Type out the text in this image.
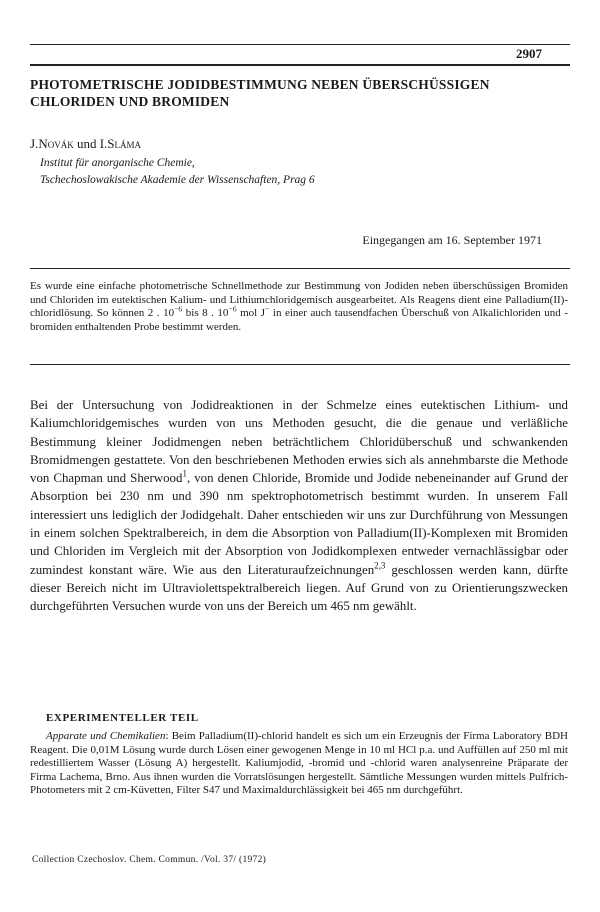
2907
PHOTOMETRISCHE JODIDBESTIMMUNG NEBEN ÜBERSCHÜSSIGEN
CHLORIDEN UND BROMIDEN
J.Novák und I.Sláma
Institut für anorganische Chemie,
Tschechoslowakische Akademie der Wissenschaften, Prag 6
Eingegangen am 16. September 1971

Es wurde eine einfache photometrische Schnellmethode zur Bestimmung von Jodiden neben überschüssigen Bromiden und Chloriden im eutektischen Kalium- und Lithiumchloridgemisch ausgearbeitet. Als Reagens dient eine Palladium(II)-chloridlösung. So können 2 . $10^{-6}$ bis 8 . $10^{-6}$ mol J− in einer auch tausendfachen Überschuß von Alkalichloriden und -bromiden enthaltenden Probe bestimmt werden.

Bei der Untersuchung von Jodidreaktionen in der Schmelze eines eutektischen Lithium- und Kaliumchloridgemisches wurden von uns Methoden gesucht, die die genaue und verläßliche Bestimmung kleiner Jodidmengen neben beträchtlichem Chloridüberschuß und schwankenden Bromidmengen gestattete. Von den beschriebenen Methoden erwies sich als annehmbarste die Methode von Chapman und Sherwood$^1$, von denen Chloride, Bromide und Jodide nebeneinander auf Grund der Absorption bei 230 nm und 390 nm spektrophotometrisch bestimmt wurden. In unserem Fall interessiert uns lediglich der Jodidgehalt. Daher entschieden wir uns zur Durchführung von Messungen in einem solchen Spektralbereich, in dem die Absorption von Palladium(II)-Komplexen mit Bromiden und Chloriden im Vergleich mit der Absorption von Jodidkomplexen entweder vernachlässigbar oder zumindest konstant wäre. Wie aus den Literaturaufzeichnungen$^{2,3}$ geschlossen werden kann, dürfte dieser Bereich nicht im Ultraviolettspektralbereich liegen. Auf Grund von zu Orientierungszwecken durchgeführten Versuchen wurde von uns der Bereich um 465 nm gewählt.

EXPERIMENTELLER TEIL

Apparate und Chemikalien: Beim Palladium(II)-chlorid handelt es sich um ein Erzeugnis der Firma Laboratory BDH Reagent. Die 0,01M Lösung wurde durch Lösen einer gewogenen Menge in 10 ml HCl p.a. und Auffüllen auf 250 ml mit redestilliertem Wasser (Lösung A) hergestellt. Kaliumjodid, -bromid und -chlorid waren analysenreine Präparate der Firma Lachema, Brno. Aus ihnen wurden die Vorratslösungen hergestellt. Sämtliche Messungen wurden mittels Pulfrich-Photometers mit 2 cm-Küvetten, Filter S47 und Maximaldurchlässigkeit bei 465 nm durchgeführt.

Collection Czechoslov. Chem. Commun. /Vol. 37/ (1972)
